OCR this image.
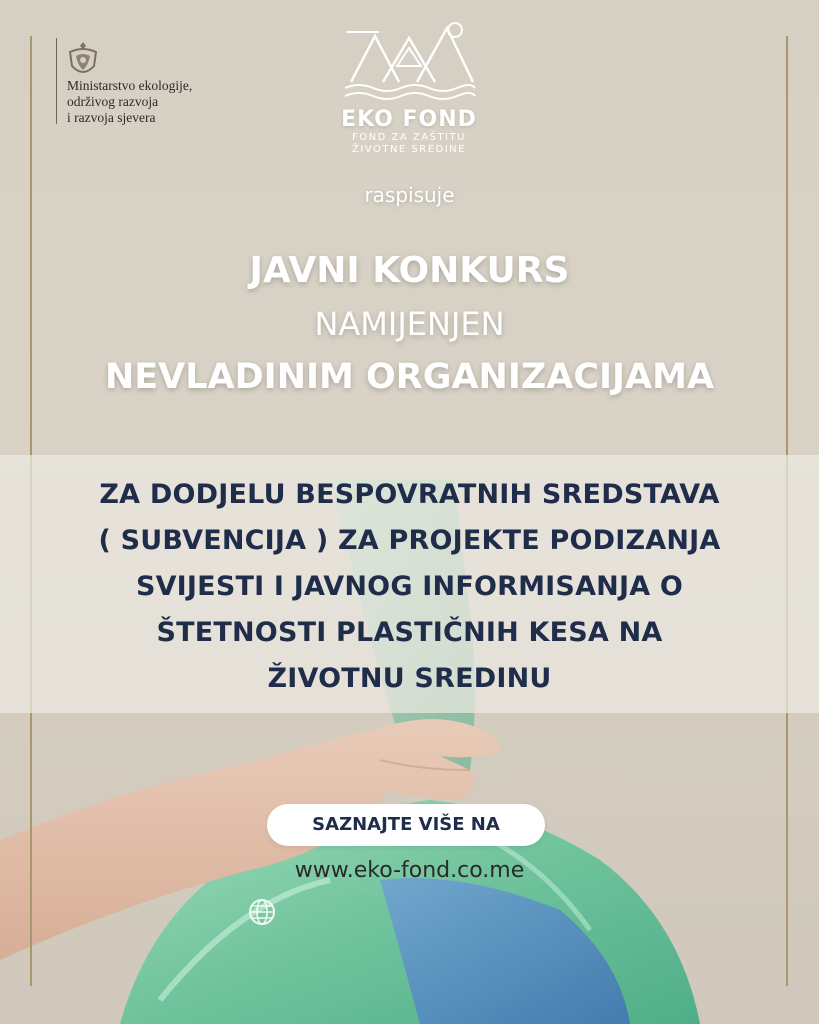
Ministarstvo ekologije,
održivog razvoja
i razvoja sjevera	EKO FOND
FOND ZA ZAŠTITU
ŽIVOTNE SREDINE
raspisuje
JAVNI KONKURS
NAMIJENJEN
NEVLADINIM ORGANIZACIJAMA
ZA DODJELU BESPOVRATNIH SREDSTAVA
( SUBVENCIJA ) ZA PROJEKTE PODIZANJA
SVIJESTI I JAVNOG INFORMISANJA O
ŠTETNOSTI PLASTIČNIH KESA NA
ŽIVOTNU SREDINU
SAZNAJTE VIŠE NA
www.eko-fond.co.me
